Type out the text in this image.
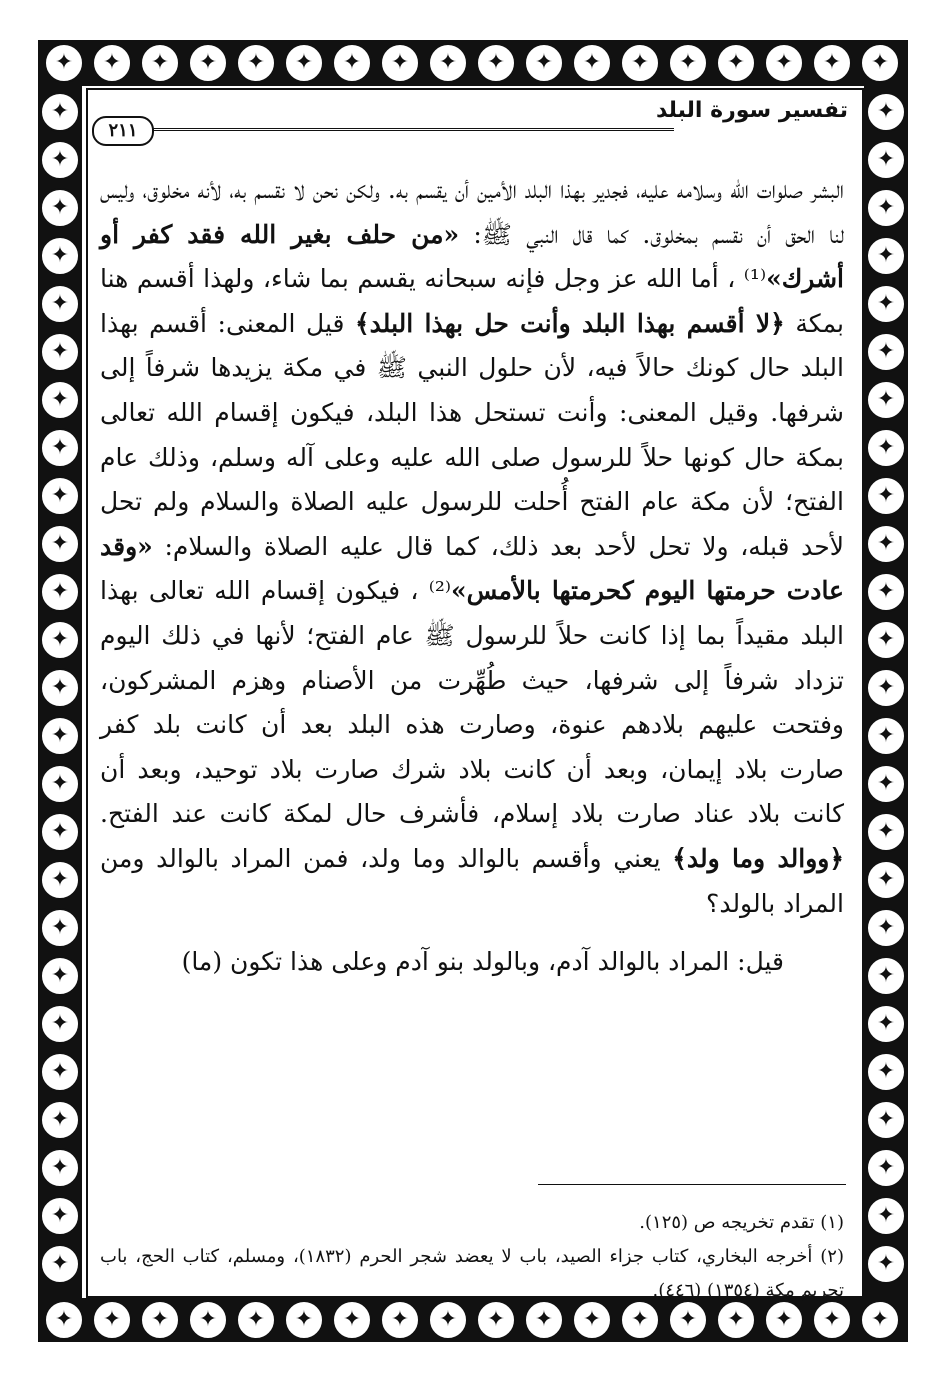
✦
✦
✦
✦
✦
✦
✦
✦
✦
✦
✦
✦
✦
✦
✦
✦
✦
✦
✦
✦
✦
✦
✦
✦
✦
✦
✦
✦
✦
✦
✦
✦
✦
✦
✦
✦
✦
✦
✦
✦
✦
✦
✦
✦
✦
✦
✦
✦
✦
✦
✦
✦
✦
✦
✦
✦
✦
✦
✦
✦
✦
✦
✦
✦
✦
✦
✦
✦
✦
✦
✦
✦
✦
✦
✦
✦
✦
✦
✦
✦
✦
✦
✦
✦
✦
✦
تفسير سورة البلد
٢١١

البشر صلوات الله وسلامه عليه، فجدير بهذا البلد الأمين أن يقسم به. ولكن نحن لا نقسم به، لأنه مخلوق، وليس لنا الحق أن نقسم بمخلوق. كما قال النبي ﷺ: «من حلف بغير الله فقد كفر أو أشرك»⁽¹⁾ ، أما الله عز وجل فإنه سبحانه يقسم بما شاء، ولهذا أقسم هنا بمكة ﴿لا أقسم بهذا البلد وأنت حل بهذا البلد﴾ قيل المعنى: أقسم بهذا البلد حال كونك حالاً فيه، لأن حلول النبي ﷺ في مكة يزيدها شرفاً إلى شرفها. وقيل المعنى: وأنت تستحل هذا البلد، فيكون إقسام الله تعالى بمكة حال كونها حلاً للرسول صلى الله عليه وعلى آله وسلم، وذلك عام الفتح؛ لأن مكة عام الفتح أُحلت للرسول عليه الصلاة والسلام ولم تحل لأحد قبله، ولا تحل لأحد بعد ذلك، كما قال عليه الصلاة والسلام: «وقد عادت حرمتها اليوم كحرمتها بالأمس»⁽²⁾ ، فيكون إقسام الله تعالى بهذا البلد مقيداً بما إذا كانت حلاً للرسول ﷺ عام الفتح؛ لأنها في ذلك اليوم تزداد شرفاً إلى شرفها، حيث طُهِّرت من الأصنام وهزم المشركون، وفتحت عليهم بلادهم عنوة، وصارت هذه البلد بعد أن كانت بلد كفر صارت بلاد إيمان، وبعد أن كانت بلاد شرك صارت بلاد توحيد، وبعد أن كانت بلاد عناد صارت بلاد إسلام، فأشرف حال لمكة كانت عند الفتح. ﴿ووالد وما ولد﴾ يعني وأقسم بالوالد وما ولد، فمن المراد بالوالد ومن المراد بالولد؟

قيل: المراد بالوالد آدم، وبالولد بنو آدم وعلى هذا تكون (ما)

(١) تقدم تخريجه ص (١٢٥).

(٢) أخرجه البخاري، كتاب جزاء الصيد، باب لا يعضد شجر الحرم (١٨٣٢)، ومسلم، كتاب الحج، باب تحريم مكة (١٣٥٤) (٤٤٦).
